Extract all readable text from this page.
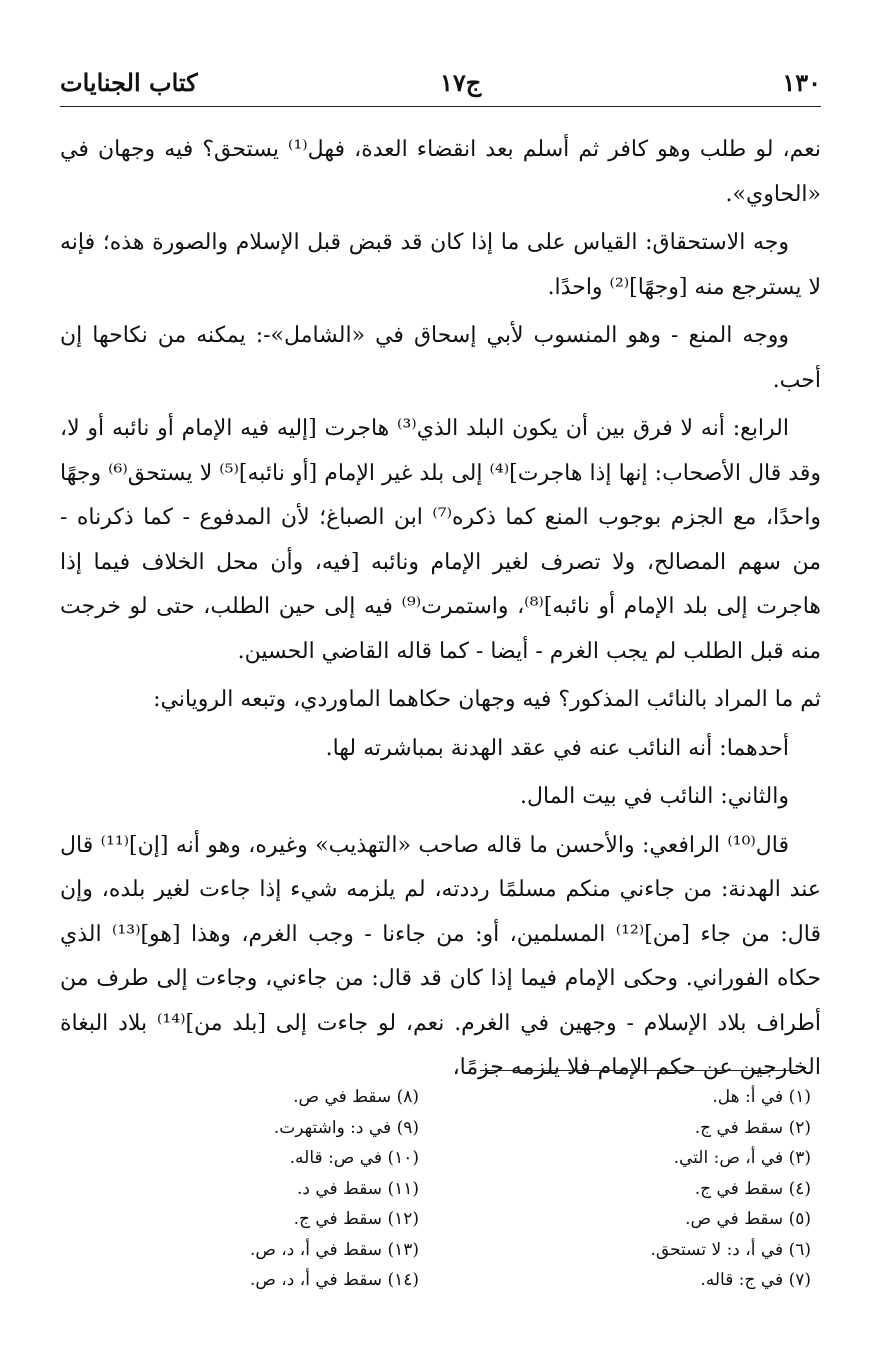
كتاب الجنايات	ج١٧	١٣٠

نعم، لو طلب وهو كافر ثم أسلم بعد انقضاء العدة، فهل⁽¹⁾ يستحق؟ فيه وجهان في «الحاوي».

وجه الاستحقاق: القياس على ما إذا كان قد قبض قبل الإسلام والصورة هذه؛ فإنه لا يسترجع منه [وجهًا]⁽²⁾ واحدًا.

ووجه المنع - وهو المنسوب لأبي إسحاق في «الشامل»-: يمكنه من نكاحها إن أحب.

الرابع: أنه لا فرق بين أن يكون البلد الذي⁽³⁾ هاجرت [إليه فيه الإمام أو نائبه أو لا، وقد قال الأصحاب: إنها إذا هاجرت]⁽⁴⁾ إلى بلد غير الإمام [أو نائبه]⁽⁵⁾ لا يستحق⁽⁶⁾ وجهًا واحدًا، مع الجزم بوجوب المنع كما ذكره⁽⁷⁾ ابن الصباغ؛ لأن المدفوع - كما ذكرناه - من سهم المصالح، ولا تصرف لغير الإمام ونائبه [فيه، وأن محل الخلاف فيما إذا هاجرت إلى بلد الإمام أو نائبه]⁽⁸⁾، واستمرت⁽⁹⁾ فيه إلى حين الطلب، حتى لو خرجت منه قبل الطلب لم يجب الغرم - أيضا - كما قاله القاضي الحسين.

ثم ما المراد بالنائب المذكور؟ فيه وجهان حكاهما الماوردي، وتبعه الروياني:

أحدهما: أنه النائب عنه في عقد الهدنة بمباشرته لها.

والثاني: النائب في بيت المال.

قال⁽¹⁰⁾ الرافعي: والأحسن ما قاله صاحب «التهذيب» وغيره، وهو أنه [إن]⁽¹¹⁾ قال عند الهدنة: من جاءني منكم مسلمًا رددته، لم يلزمه شيء إذا جاءت لغير بلده، وإن قال: من جاء [من]⁽¹²⁾ المسلمين، أو: من جاءنا - وجب الغرم، وهذا [هو]⁽¹³⁾ الذي حكاه الفوراني. وحكى الإمام فيما إذا كان قد قال: من جاءني، وجاءت إلى طرف من أطراف بلاد الإسلام - وجهين في الغرم. نعم، لو جاءت إلى [بلد من]⁽¹⁴⁾ بلاد البغاة الخارجين عن حكم الإمام فلا يلزمه جزمًا،

(١) في أ: هل.
(٢) سقط في ج.
(٣) في أ، ص: التي.
(٤) سقط في ج.
(٥) سقط في ص.
(٦) في أ، د: لا تستحق.
(٧) في ج: قاله.
(٨) سقط في ص.
(٩) في د: واشتهرت.
(١٠) في ص: قاله.
(١١) سقط في د.
(١٢) سقط في ج.
(١٣) سقط في أ، د، ص.
(١٤) سقط في أ، د، ص.
